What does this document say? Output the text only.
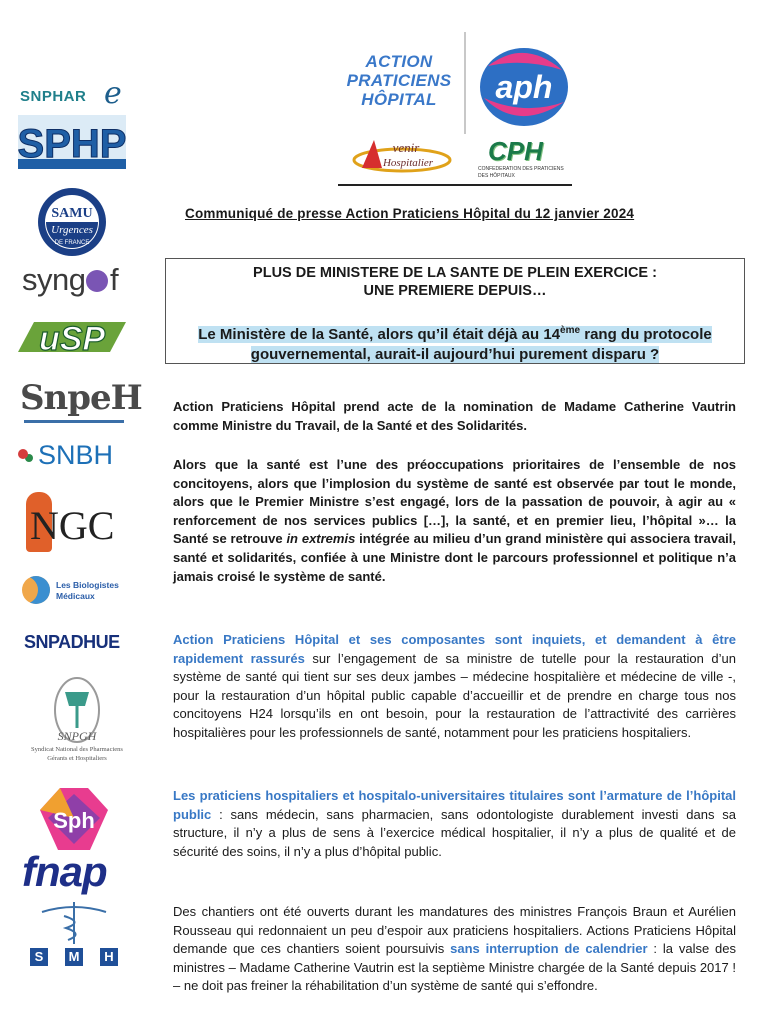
SNPHAR e
SPHP
SAMU
Urgences
DE FRANCE
syng f
uSP
SnpeH
SNBH
NGC
Les Biologistes
Médicaux
SNPADHUE
SNPGH
Syndicat National des Pharmaciens
Gérants et Hospitaliers
Sph
fnap
S	M	H
ACTION
PRATICIENS
HÔPITAL	aph
venir
Hospitalier CPH
CONFEDERATION DES PRATICIENS
DES HÔPITAUX
Communiqué de presse Action Praticiens Hôpital du 12 janvier 2024
PLUS DE MINISTERE DE LA SANTE DE PLEIN EXERCICE :
UNE PREMIERE DEPUIS…
Le Ministère de la Santé, alors qu’il était déjà au 14ème rang du protocole gouvernemental, aurait-il aujourd’hui purement disparu ?
Action Praticiens Hôpital prend acte de la nomination de Madame Catherine Vautrin comme Ministre du Travail, de la Santé et des Solidarités.
Alors que la santé est l’une des préoccupations prioritaires de l’ensemble de nos concitoyens, alors que l’implosion du système de santé est observée par tout le monde, alors que le Premier Ministre s’est engagé, lors de la passation de pouvoir, à agir au « renforcement de nos services publics […], la santé, et en premier lieu, l’hôpital »… la Santé se retrouve in extremis intégrée au milieu d’un grand ministère qui associera travail, santé et solidarités, confiée à une Ministre dont le parcours professionnel et politique n’a jamais croisé le système de santé.
Action Praticiens Hôpital et ses composantes sont inquiets, et demandent à être rapidement rassurés sur l’engagement de sa ministre de tutelle pour la restauration d’un système de santé qui tient sur ses deux jambes – médecine hospitalière et médecine de ville -, pour la restauration d’un hôpital public capable d’accueillir et de prendre en charge tous nos concitoyens H24 lorsqu’ils en ont besoin, pour la restauration de l’attractivité des carrières hospitalières pour les professionnels de santé, notamment pour les praticiens hospitaliers.
Les praticiens hospitaliers et hospitalo-universitaires titulaires sont l’armature de l’hôpital public : sans médecin, sans pharmacien, sans odontologiste durablement investi dans sa structure, il n’y a plus de sens à l’exercice médical hospitalier, il n’y a plus de qualité et de sécurité des soins, il n’y a plus d’hôpital public.
Des chantiers ont été ouverts durant les mandatures des ministres François Braun et Aurélien Rousseau qui redonnaient un peu d’espoir aux praticiens hospitaliers. Actions Praticiens Hôpital demande que ces chantiers soient poursuivis sans interruption de calendrier : la valse des ministres – Madame Catherine Vautrin est la septième Ministre chargée de la Santé depuis 2017 ! – ne doit pas freiner la réhabilitation d’un système de santé qui s’effondre.
